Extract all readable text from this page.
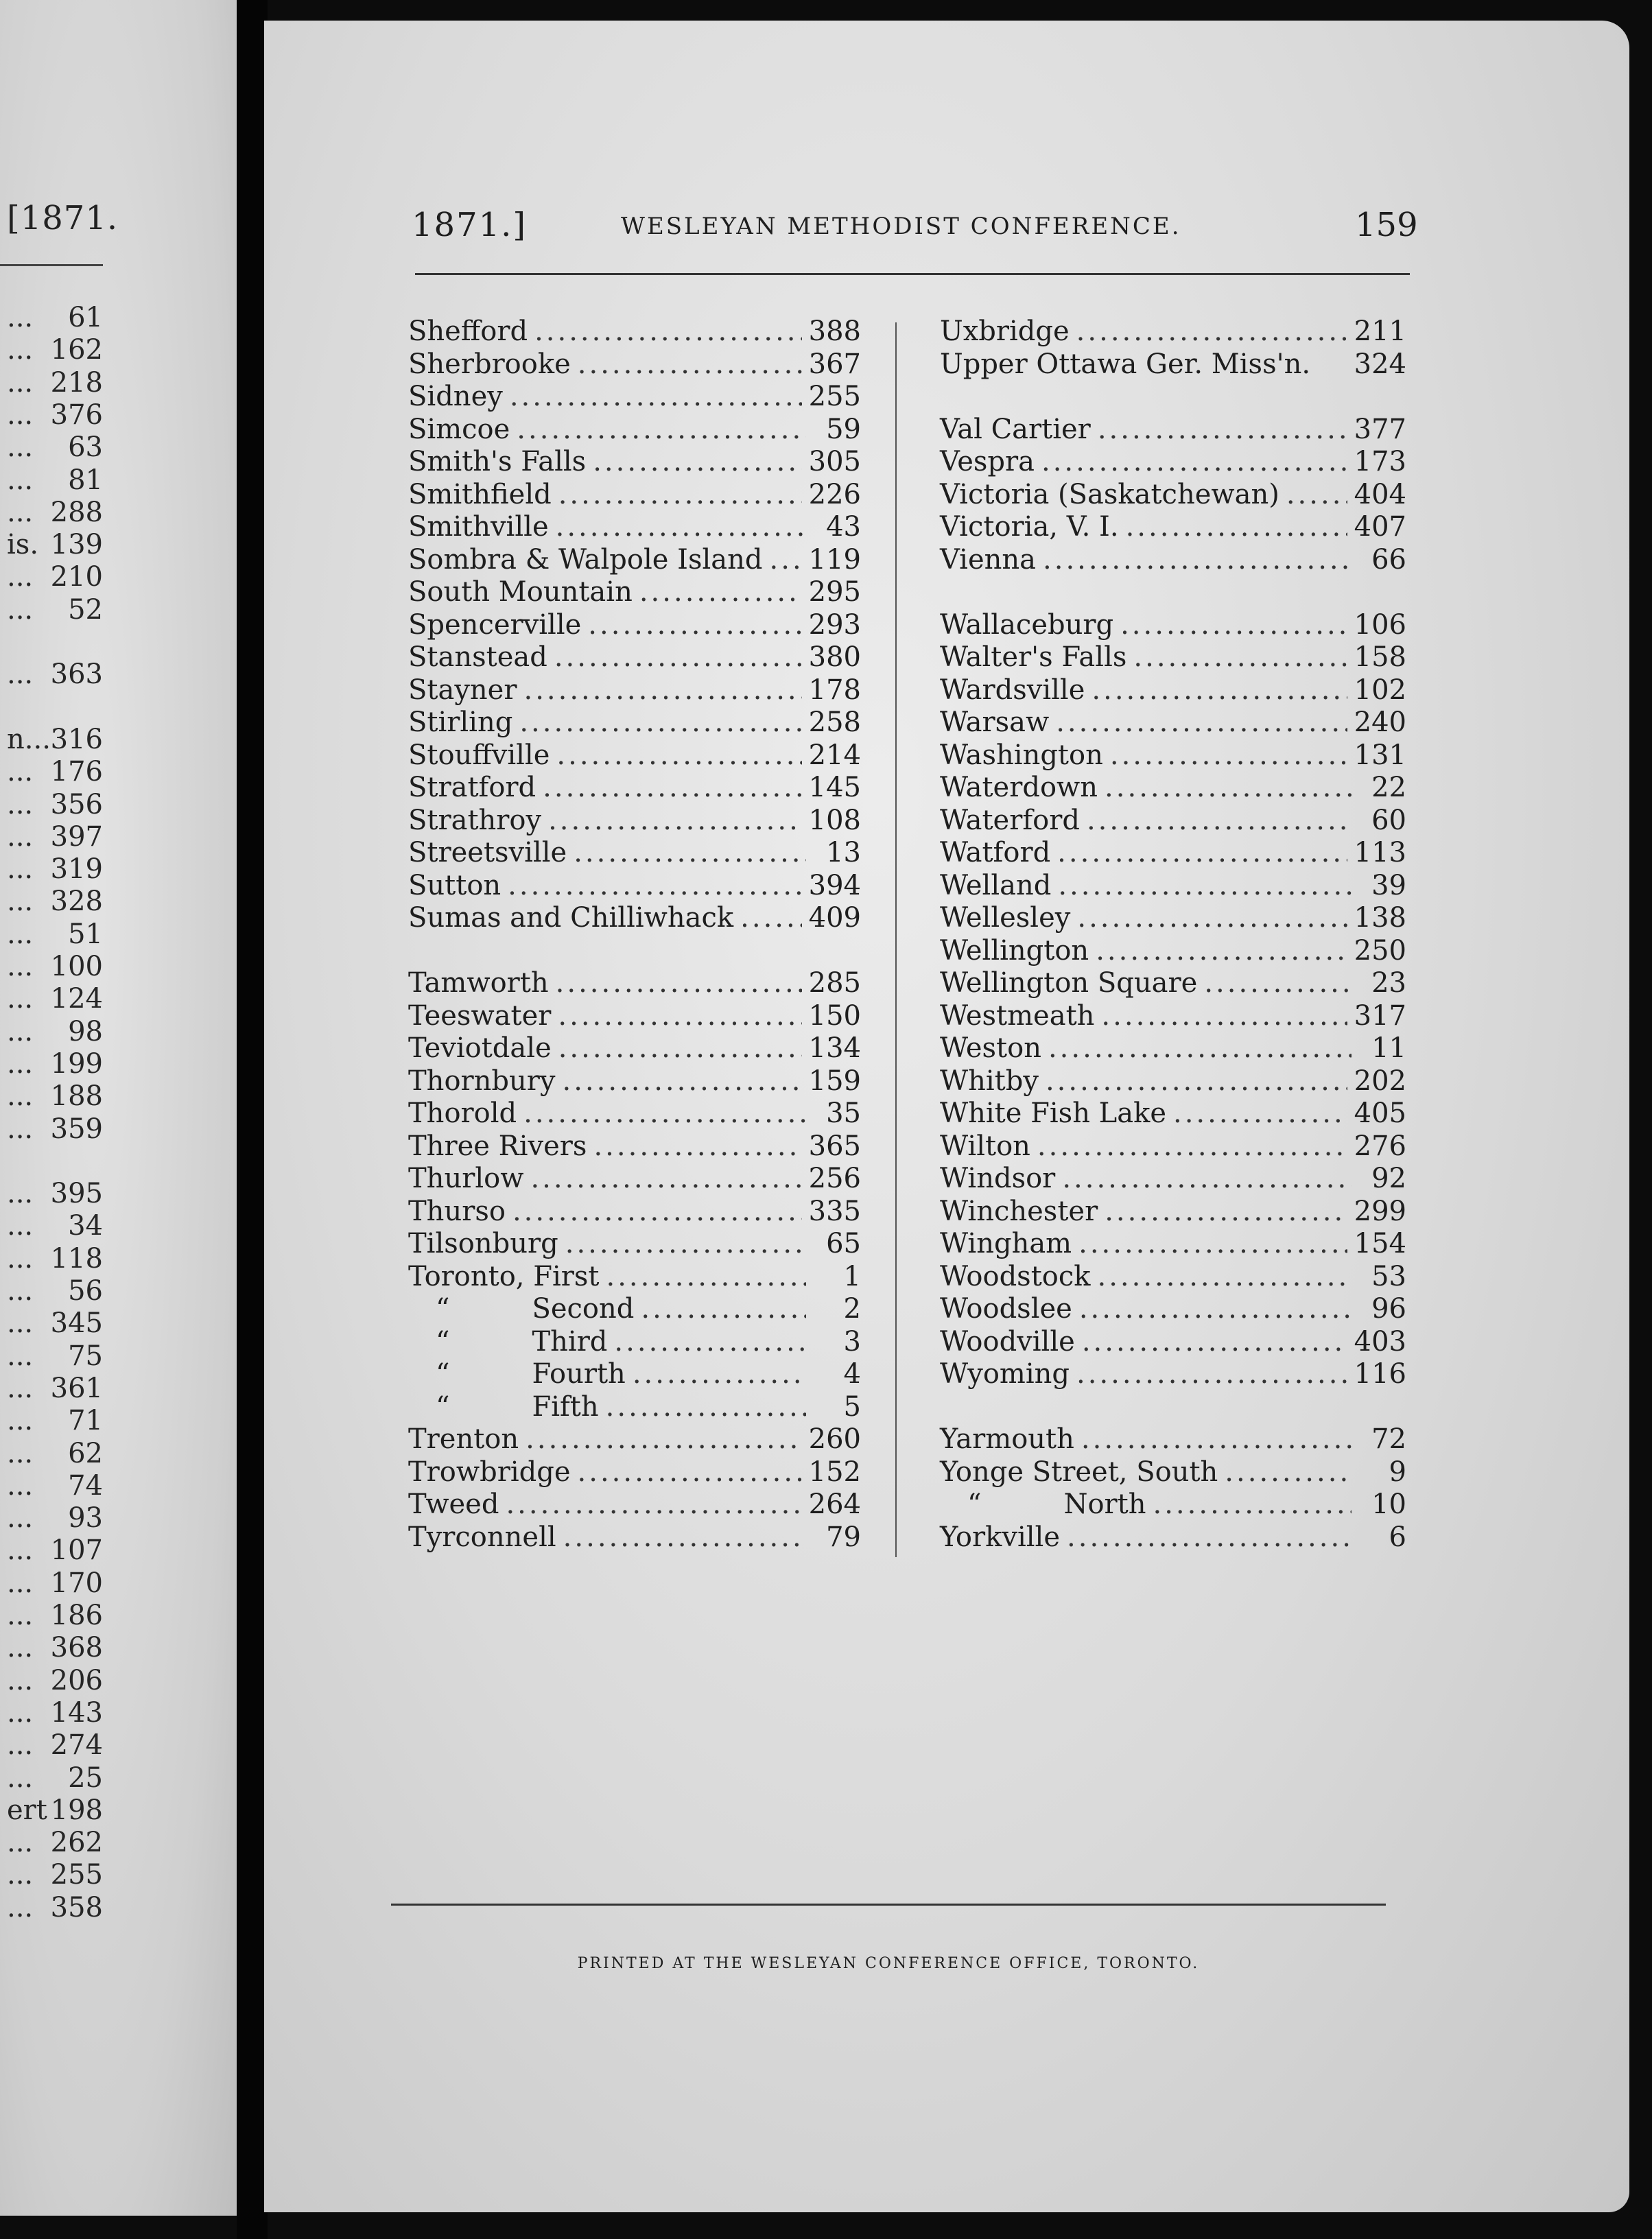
[1871.
... 61
... 162
... 218
... 376
... 63
... 81
... 288
is. 139
... 210
... 52
... 363
n... 316
... 176
... 356
... 397
... 319
... 328
... 51
... 100
... 124
... 98
... 199
... 188
... 359
... 395
... 34
... 118
... 56
... 345
... 75
... 361
... 71
... 62
... 74
... 93
... 107
... 170
... 186
... 368
... 206
... 143
... 274
... 25
ert 198
... 262
... 255
... 358
1871.]	WESLEYAN METHODIST CONFERENCE.	159
Shefford .....	388
Sherbrooke .....	367
Sidney .....	255
Simcoe .....	59
Smith's Falls .....	305
Smithfield .....	226
Smithville .....	43
Sombra & Walpole Island ..... 119
South Mountain .....	295
Spencerville .....	293
Stanstead .....	380
Stayner .....	178
Stirling .....	258
Stouffville .....	214
Stratford .....	145
Strathroy .....	108
Streetsville .....	13
Sutton .....	394
Sumas and Chilliwhack .....	409
Tamworth .....	285
Teeswater .....	150
Teviotdale .....	134
Thornbury .....	159
Thorold .....	35
Three Rivers .....	365
Thurlow .....	256
Thurso .....	335
Tilsonburg .....	65
Toronto, First .....	1
“	Second .....	2
“	Third .....	3
“	Fourth .....	4
“	Fifth .....	5
Trenton .....	260
Trowbridge .....	152
Tweed .....	264
Tyrconnell .....	79
Uxbridge .....	211
Upper Ottawa Ger. Miss'n. 324
Val Cartier .....	377
Vespra .....	173
Victoria (Saskatchewan) .....	404
Victoria, V. I. .....	407
Vienna .....	66
Wallaceburg .....	106
Walter's Falls .....	158
Wardsville .....	102
Warsaw .....	240
Washington .....	131
Waterdown .....	22
Waterford .....	60
Watford .....	113
Welland .....	39
Wellesley .....	138
Wellington .....	250
Wellington Square .....	23
Westmeath .....	317
Weston .....	11
Whitby .....	202
White Fish Lake .....	405
Wilton .....	276
Windsor .....	92
Winchester .....	299
Wingham .....	154
Woodstock .....	53
Woodslee .....	96
Woodville .....	403
Wyoming .....	116
Yarmouth .....	72
Yonge Street, South .....	9
“	North .....	10
Yorkville .....	6
PRINTED AT THE WESLEYAN CONFERENCE OFFICE, TORONTO.
